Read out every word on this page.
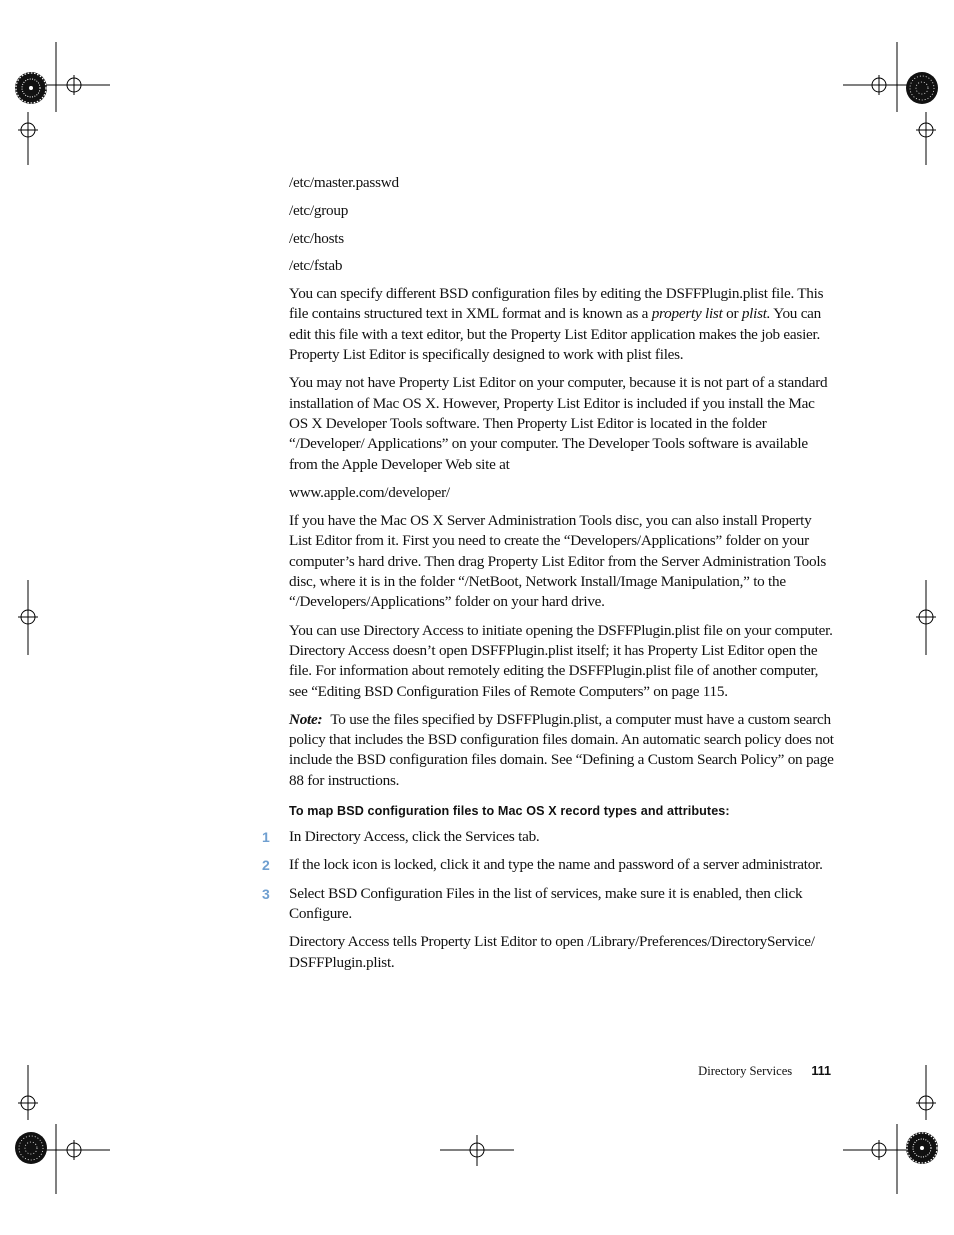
/etc/master.passwd

/etc/group

/etc/hosts

/etc/fstab

You can specify different BSD configuration files by editing the DSFFPlugin.plist file. This file contains structured text in XML format and is known as a property list or plist. You can edit this file with a text editor, but the Property List Editor application makes the job easier. Property List Editor is specifically designed to work with plist files.

You may not have Property List Editor on your computer, because it is not part of a standard installation of Mac OS X. However, Property List Editor is included if you install the Mac OS X Developer Tools software. Then Property List Editor is located in the folder “/Developer/ Applications” on your computer. The Developer Tools software is available from the Apple Developer Web site at

www.apple.com/developer/

If you have the Mac OS X Server Administration Tools disc, you can also install Property List Editor from it. First you need to create the “Developers/Applications” folder on your computer’s hard drive. Then drag Property List Editor from the Server Administration Tools disc, where it is in the folder “/NetBoot, Network Install/Image Manipulation,” to the “/Developers/Applications” folder on your hard drive.

You can use Directory Access to initiate opening the DSFFPlugin.plist file on your computer. Directory Access doesn’t open DSFFPlugin.plist itself; it has Property List Editor open the file. For information about remotely editing the DSFFPlugin.plist file of another computer, see “Editing BSD Configuration Files of Remote Computers” on page 115.

Note: To use the files specified by DSFFPlugin.plist, a computer must have a custom search policy that includes the BSD configuration files domain. An automatic search policy does not include the BSD configuration files domain. See “Defining a Custom Search Policy” on page 88 for instructions.

To map BSD configuration files to Mac OS X record types and attributes:
1 In Directory Access, click the Services tab.
2 If the lock icon is locked, click it and type the name and password of a server administrator.
3 Select BSD Configuration Files in the list of services, make sure it is enabled, then click Configure.

Directory Access tells Property List Editor to open /Library/Preferences/DirectoryService/ DSFFPlugin.plist.

Directory Services 111
